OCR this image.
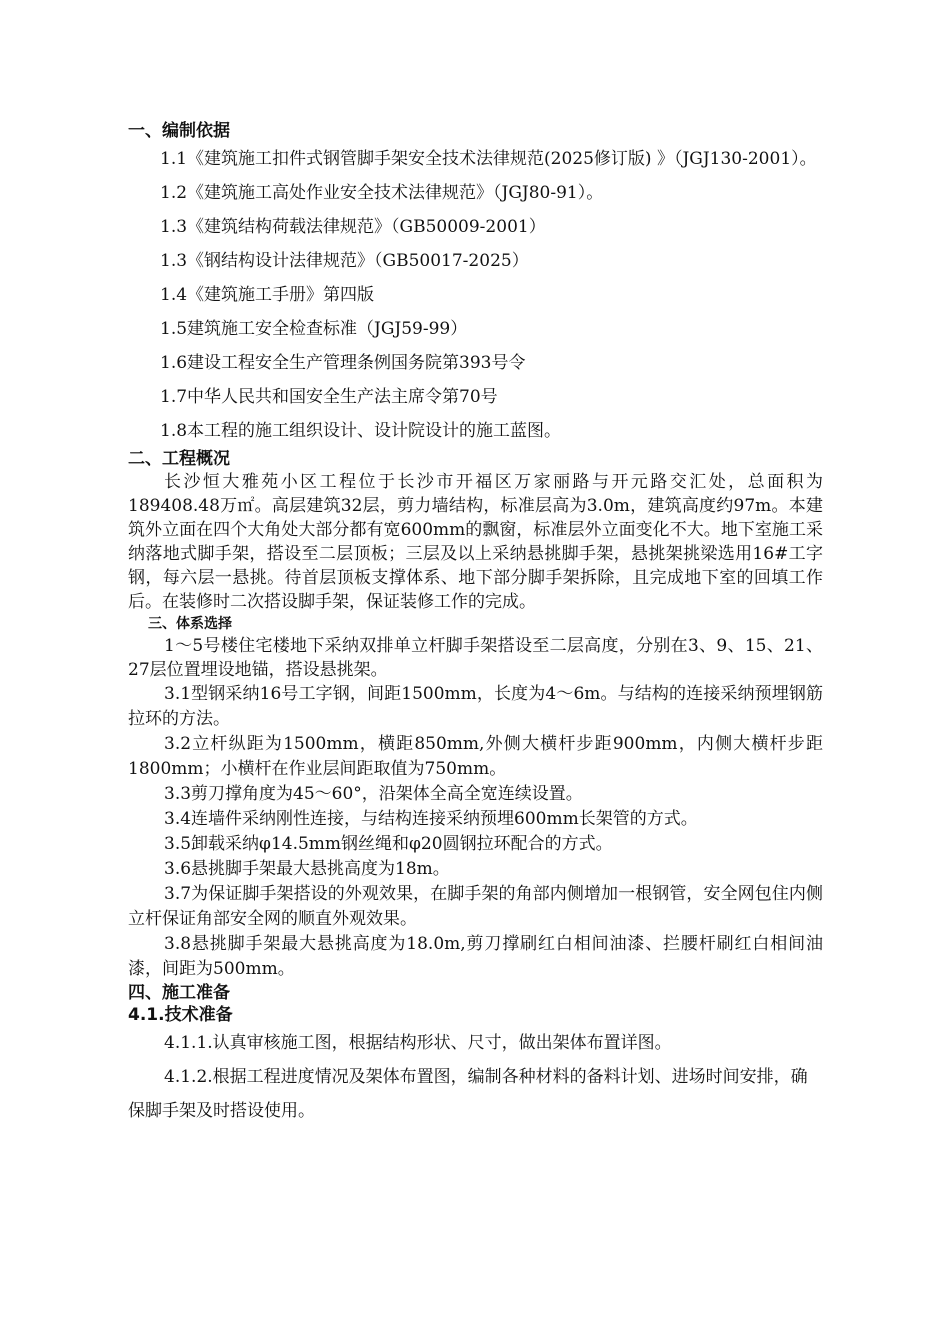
一、编制依据

1.1《建筑施工扣件式钢管脚手架安全技术法律规范(2025修订版) 》（JGJ130-2001）。

1.2《建筑施工高处作业安全技术法律规范》（JGJ80-91）。

1.3《建筑结构荷载法律规范》（GB50009-2001）

1.3《钢结构设计法律规范》（GB50017-2025）

1.4《建筑施工手册》第四版

1.5建筑施工安全检查标准（JGJ59-99）

1.6建设工程安全生产管理条例国务院第393号令

1.7中华人民共和国安全生产法主席令第70号

1.8本工程的施工组织设计、设计院设计的施工蓝图。

二、工程概况

长沙恒大雅苑小区工程位于长沙市开福区万家丽路与开元路交汇处，总面积为189408.48万㎡。高层建筑32层，剪力墙结构，标准层高为3.0m，建筑高度约97m。本建筑外立面在四个大角处大部分都有宽600mm的飘窗，标准层外立面变化不大。地下室施工采纳落地式脚手架，搭设至二层顶板；三层及以上采纳悬挑脚手架，悬挑架挑梁选用16#工字钢，每六层一悬挑。待首层顶板支撑体系、地下部分脚手架拆除，且完成地下室的回填工作后。在装修时二次搭设脚手架，保证装修工作的完成。

三、体系选择

1～5号楼住宅楼地下采纳双排单立杆脚手架搭设至二层高度，分别在3、9、15、21、27层位置埋设地锚，搭设悬挑架。

3.1型钢采纳16号工字钢，间距1500mm，长度为4～6m。与结构的连接采纳预埋钢筋拉环的方法。

3.2立杆纵距为1500mm，横距850mm,外侧大横杆步距900mm，内侧大横杆步距1800mm；小横杆在作业层间距取值为750mm。

3.3剪刀撑角度为45～60°，沿架体全高全宽连续设置。

3.4连墙件采纳刚性连接，与结构连接采纳预埋600mm长架管的方式。

3.5卸载采纳φ14.5mm钢丝绳和φ20圆钢拉环配合的方式。

3.6悬挑脚手架最大悬挑高度为18m。

3.7为保证脚手架搭设的外观效果，在脚手架的角部内侧增加一根钢管，安全网包住内侧立杆保证角部安全网的顺直外观效果。

3.8悬挑脚手架最大悬挑高度为18.0m,剪刀撑刷红白相间油漆、拦腰杆刷红白相间油漆，间距为500mm。

四、施工准备
4.1.技术准备

4.1.1.认真审核施工图，根据结构形状、尺寸，做出架体布置详图。

4.1.2.根据工程进度情况及架体布置图，编制各种材料的备料计划、进场时间安排，确保脚手架及时搭设使用。
